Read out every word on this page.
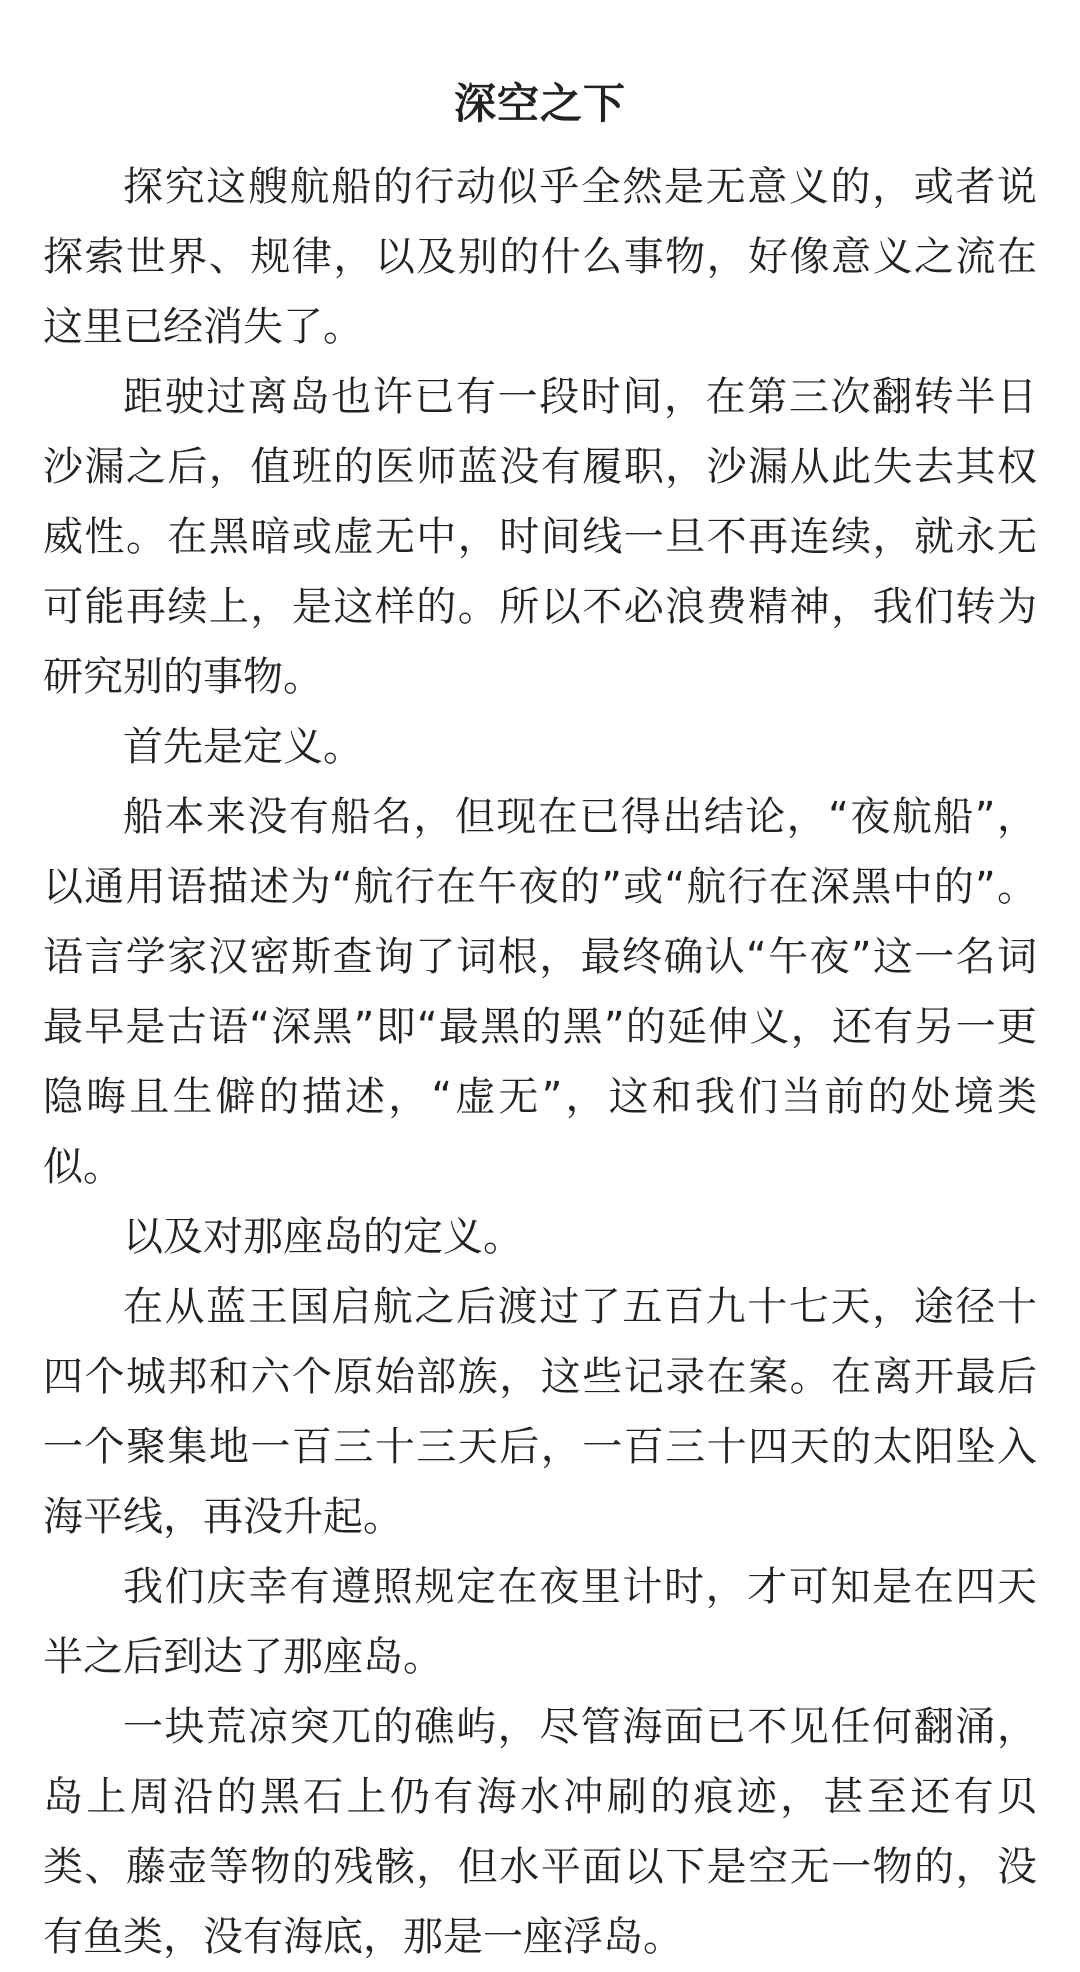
深空之下

探究这艘航船的行动似乎全然是无意义的，或者说探索世界、规律，以及别的什么事物，好像意义之流在这里已经消失了。

距驶过离岛也许已有一段时间，在第三次翻转半日沙漏之后，值班的医师蓝没有履职，沙漏从此失去其权威性。在黑暗或虚无中，时间线一旦不再连续，就永无可能再续上，是这样的。所以不必浪费精神，我们转为研究别的事物。

首先是定义。

船本来没有船名，但现在已得出结论，“夜航船”，以通用语描述为“航行在午夜的”或“航行在深黑中的”。语言学家汉密斯查询了词根，最终确认“午夜”这一名词最早是古语“深黑”即“最黑的黑”的延伸义，还有另一更隐晦且生僻的描述，“虚无”，这和我们当前的处境类似。

以及对那座岛的定义。

在从蓝王国启航之后渡过了五百九十七天，途径十四个城邦和六个原始部族，这些记录在案。在离开最后一个聚集地一百三十三天后，一百三十四天的太阳坠入海平线，再没升起。

我们庆幸有遵照规定在夜里计时，才可知是在四天半之后到达了那座岛。

一块荒凉突兀的礁屿，尽管海面已不见任何翻涌，岛上周沿的黑石上仍有海水冲刷的痕迹，甚至还有贝类、藤壶等物的残骸，但水平面以下是空无一物的，没有鱼类，没有海底，那是一座浮岛。
